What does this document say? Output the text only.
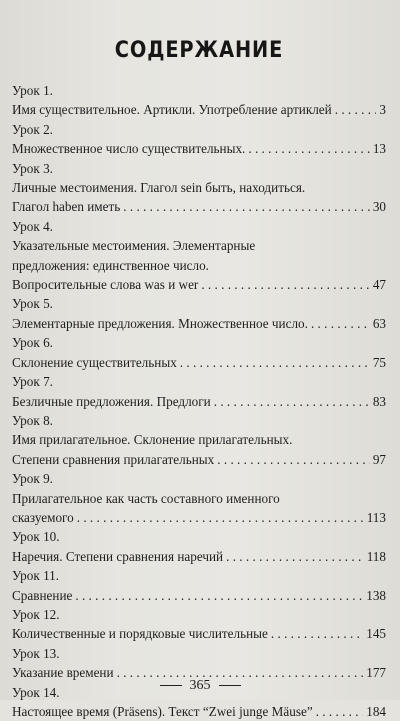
СОДЕРЖАНИЕ
Урок 1.
Имя существительное. Артикли. Употребление артиклей . . .	3
Урок 2.
Множественное число существительных. . . .	13
Урок 3.
Личные местоимения. Глагол sein быть, находиться.
Глагол haben иметь . . .	30
Урок 4.
Указательные местоимения. Элементарные
предложения: единственное число.
Вопросительные слова was и wer . . .	47
Урок 5.
Элементарные предложения. Множественное число. . . .	63
Урок 6.
Склонение существительных . . .	75
Урок 7.
Безличные предложения. Предлоги . . .	83
Урок 8.
Имя прилагательное. Склонение прилагательных.
Степени сравнения прилагательных . . .	97
Урок 9.
Прилагательное как часть составного именного
сказуемого . . .	113
Урок 10.
Наречия. Степени сравнения наречий . . .	118
Урок 11.
Сравнение . . .	138
Урок 12.
Количественные и порядковые числительные . . .	145
Урок 13.
Указание времени . . .	177
Урок 14.
Настоящее время (Präsens). Текст “Zwei junge Mäuse” . . .	184
365
